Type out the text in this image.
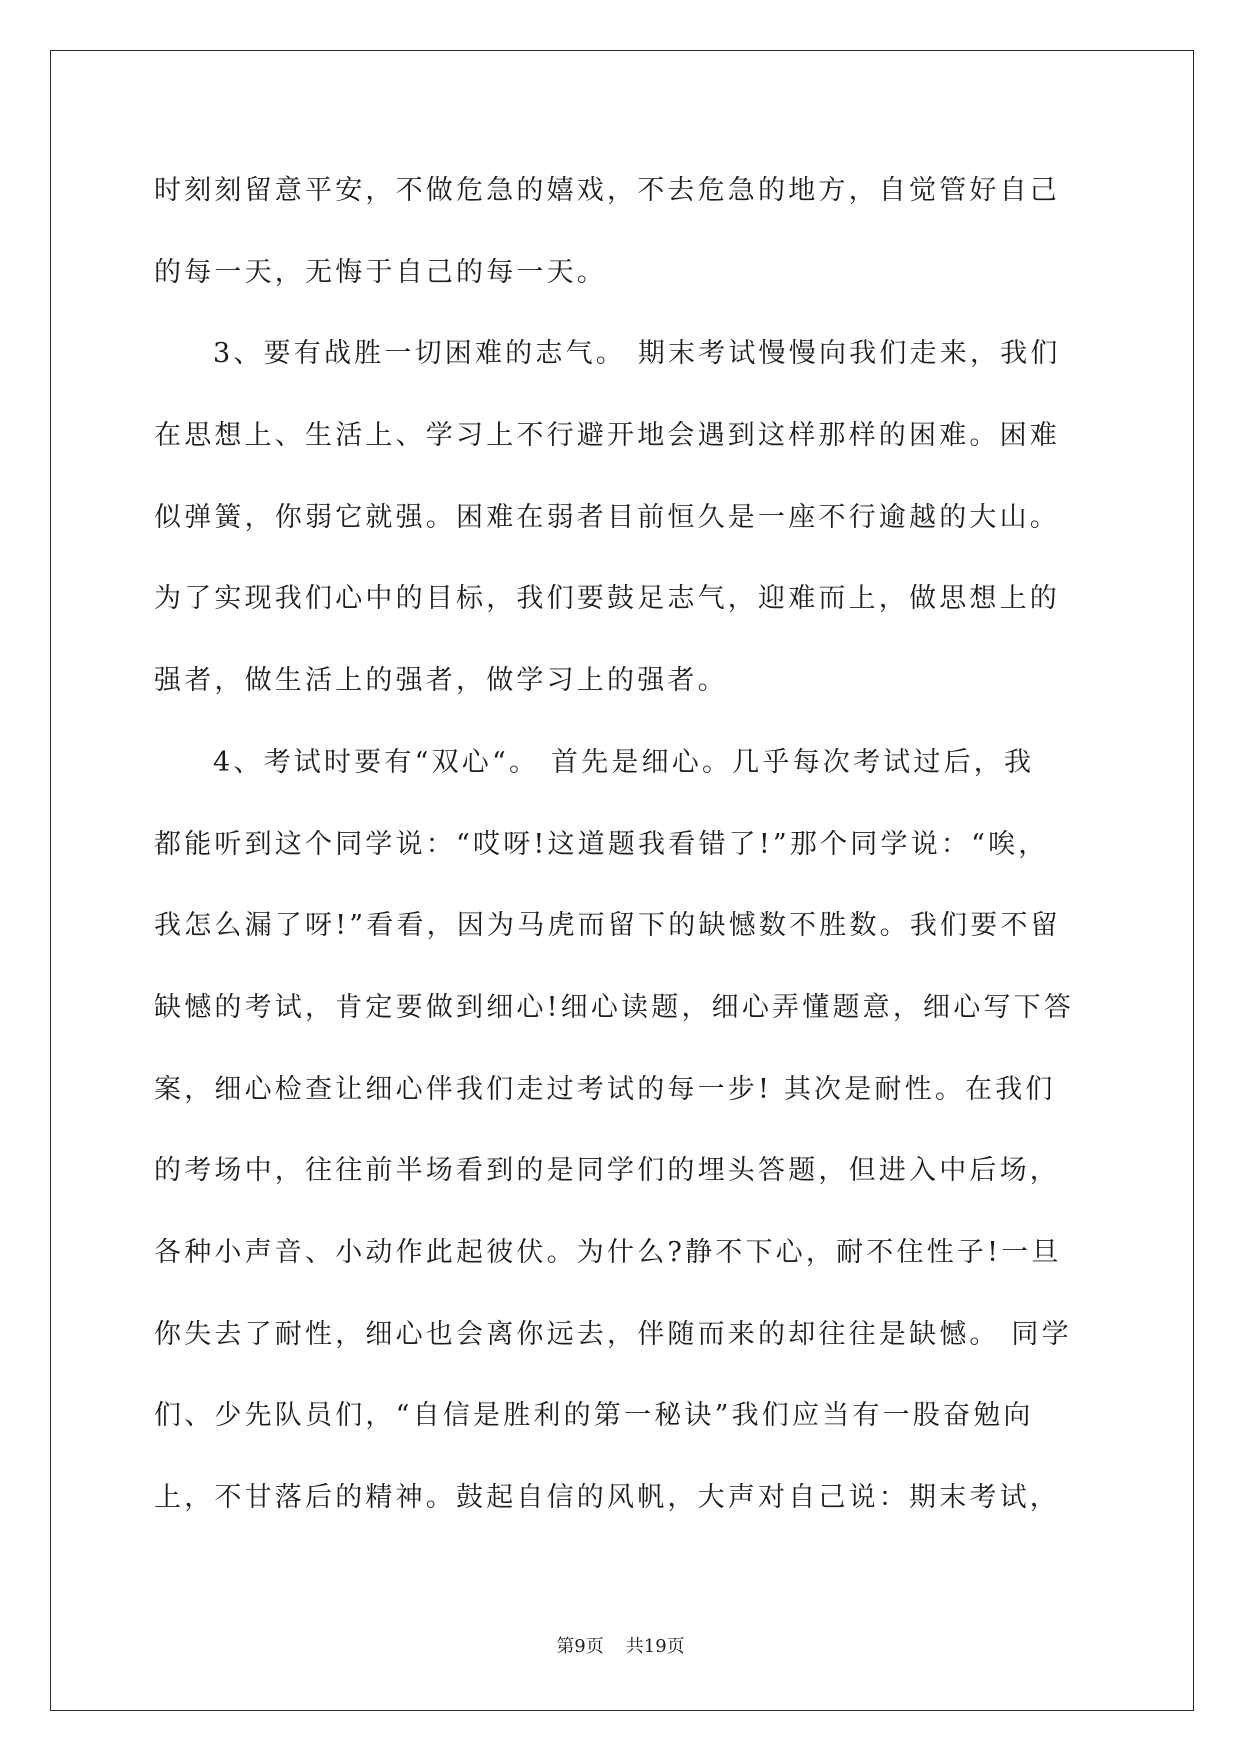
时刻刻留意平安，不做危急的嬉戏，不去危急的地方，自觉管好自己
的每一天，无悔于自己的每一天。
3、要有战胜一切困难的志气。 期末考试慢慢向我们走来，我们
在思想上、生活上、学习上不行避开地会遇到这样那样的困难。困难
似弹簧，你弱它就强。困难在弱者目前恒久是一座不行逾越的大山。
为了实现我们心中的目标，我们要鼓足志气，迎难而上，做思想上的
强者，做生活上的强者，做学习上的强者。
4、考试时要有“双心“。 首先是细心。几乎每次考试过后，我
都能听到这个同学说：“哎呀!这道题我看错了!”那个同学说：“唉，
我怎么漏了呀!”看看，因为马虎而留下的缺憾数不胜数。我们要不留
缺憾的考试，肯定要做到细心!细心读题，细心弄懂题意，细心写下答
案，细心检查让细心伴我们走过考试的每一步! 其次是耐性。在我们
的考场中，往往前半场看到的是同学们的埋头答题，但进入中后场，
各种小声音、小动作此起彼伏。为什么?静不下心，耐不住性子!一旦
你失去了耐性，细心也会离你远去，伴随而来的却往往是缺憾。 同学
们、少先队员们，“自信是胜利的第一秘诀”我们应当有一股奋勉向
上，不甘落后的精神。鼓起自信的风帆，大声对自己说：期末考试，
第9页 共19页
